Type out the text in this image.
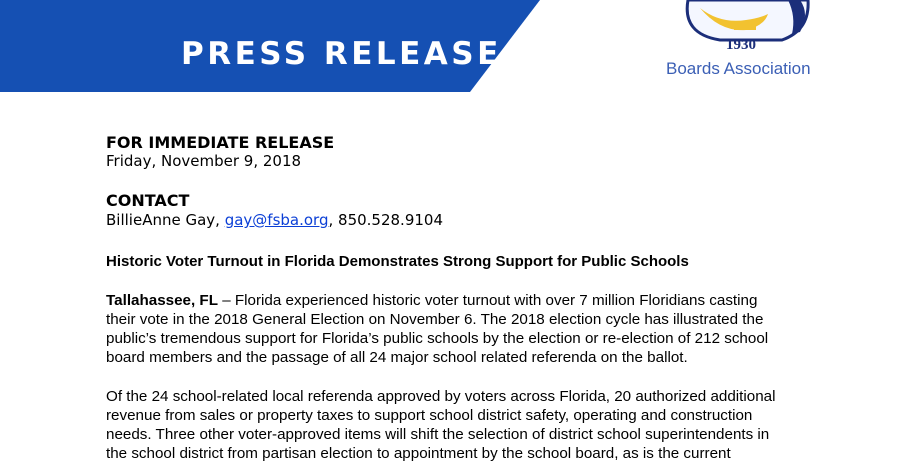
PRESS RELEASE	1930
Boards Association
FOR IMMEDIATE RELEASE
Friday, November 9, 2018
CONTACT
BillieAnne Gay, gay@fsba.org, 850.528.9104
Historic Voter Turnout in Florida Demonstrates Strong Support for Public Schools
Tallahassee, FL – Florida experienced historic voter turnout with over 7 million Floridians casting
their vote in the 2018 General Election on November 6. The 2018 election cycle has illustrated the
public’s tremendous support for Florida’s public schools by the election or re-election of 212 school
board members and the passage of all 24 major school related referenda on the ballot.
Of the 24 school-related local referenda approved by voters across Florida, 20 authorized additional
revenue from sales or property taxes to support school district safety, operating and construction
needs. Three other voter-approved items will shift the selection of district school superintendents in
the school district from partisan election to appointment by the school board, as is the current
